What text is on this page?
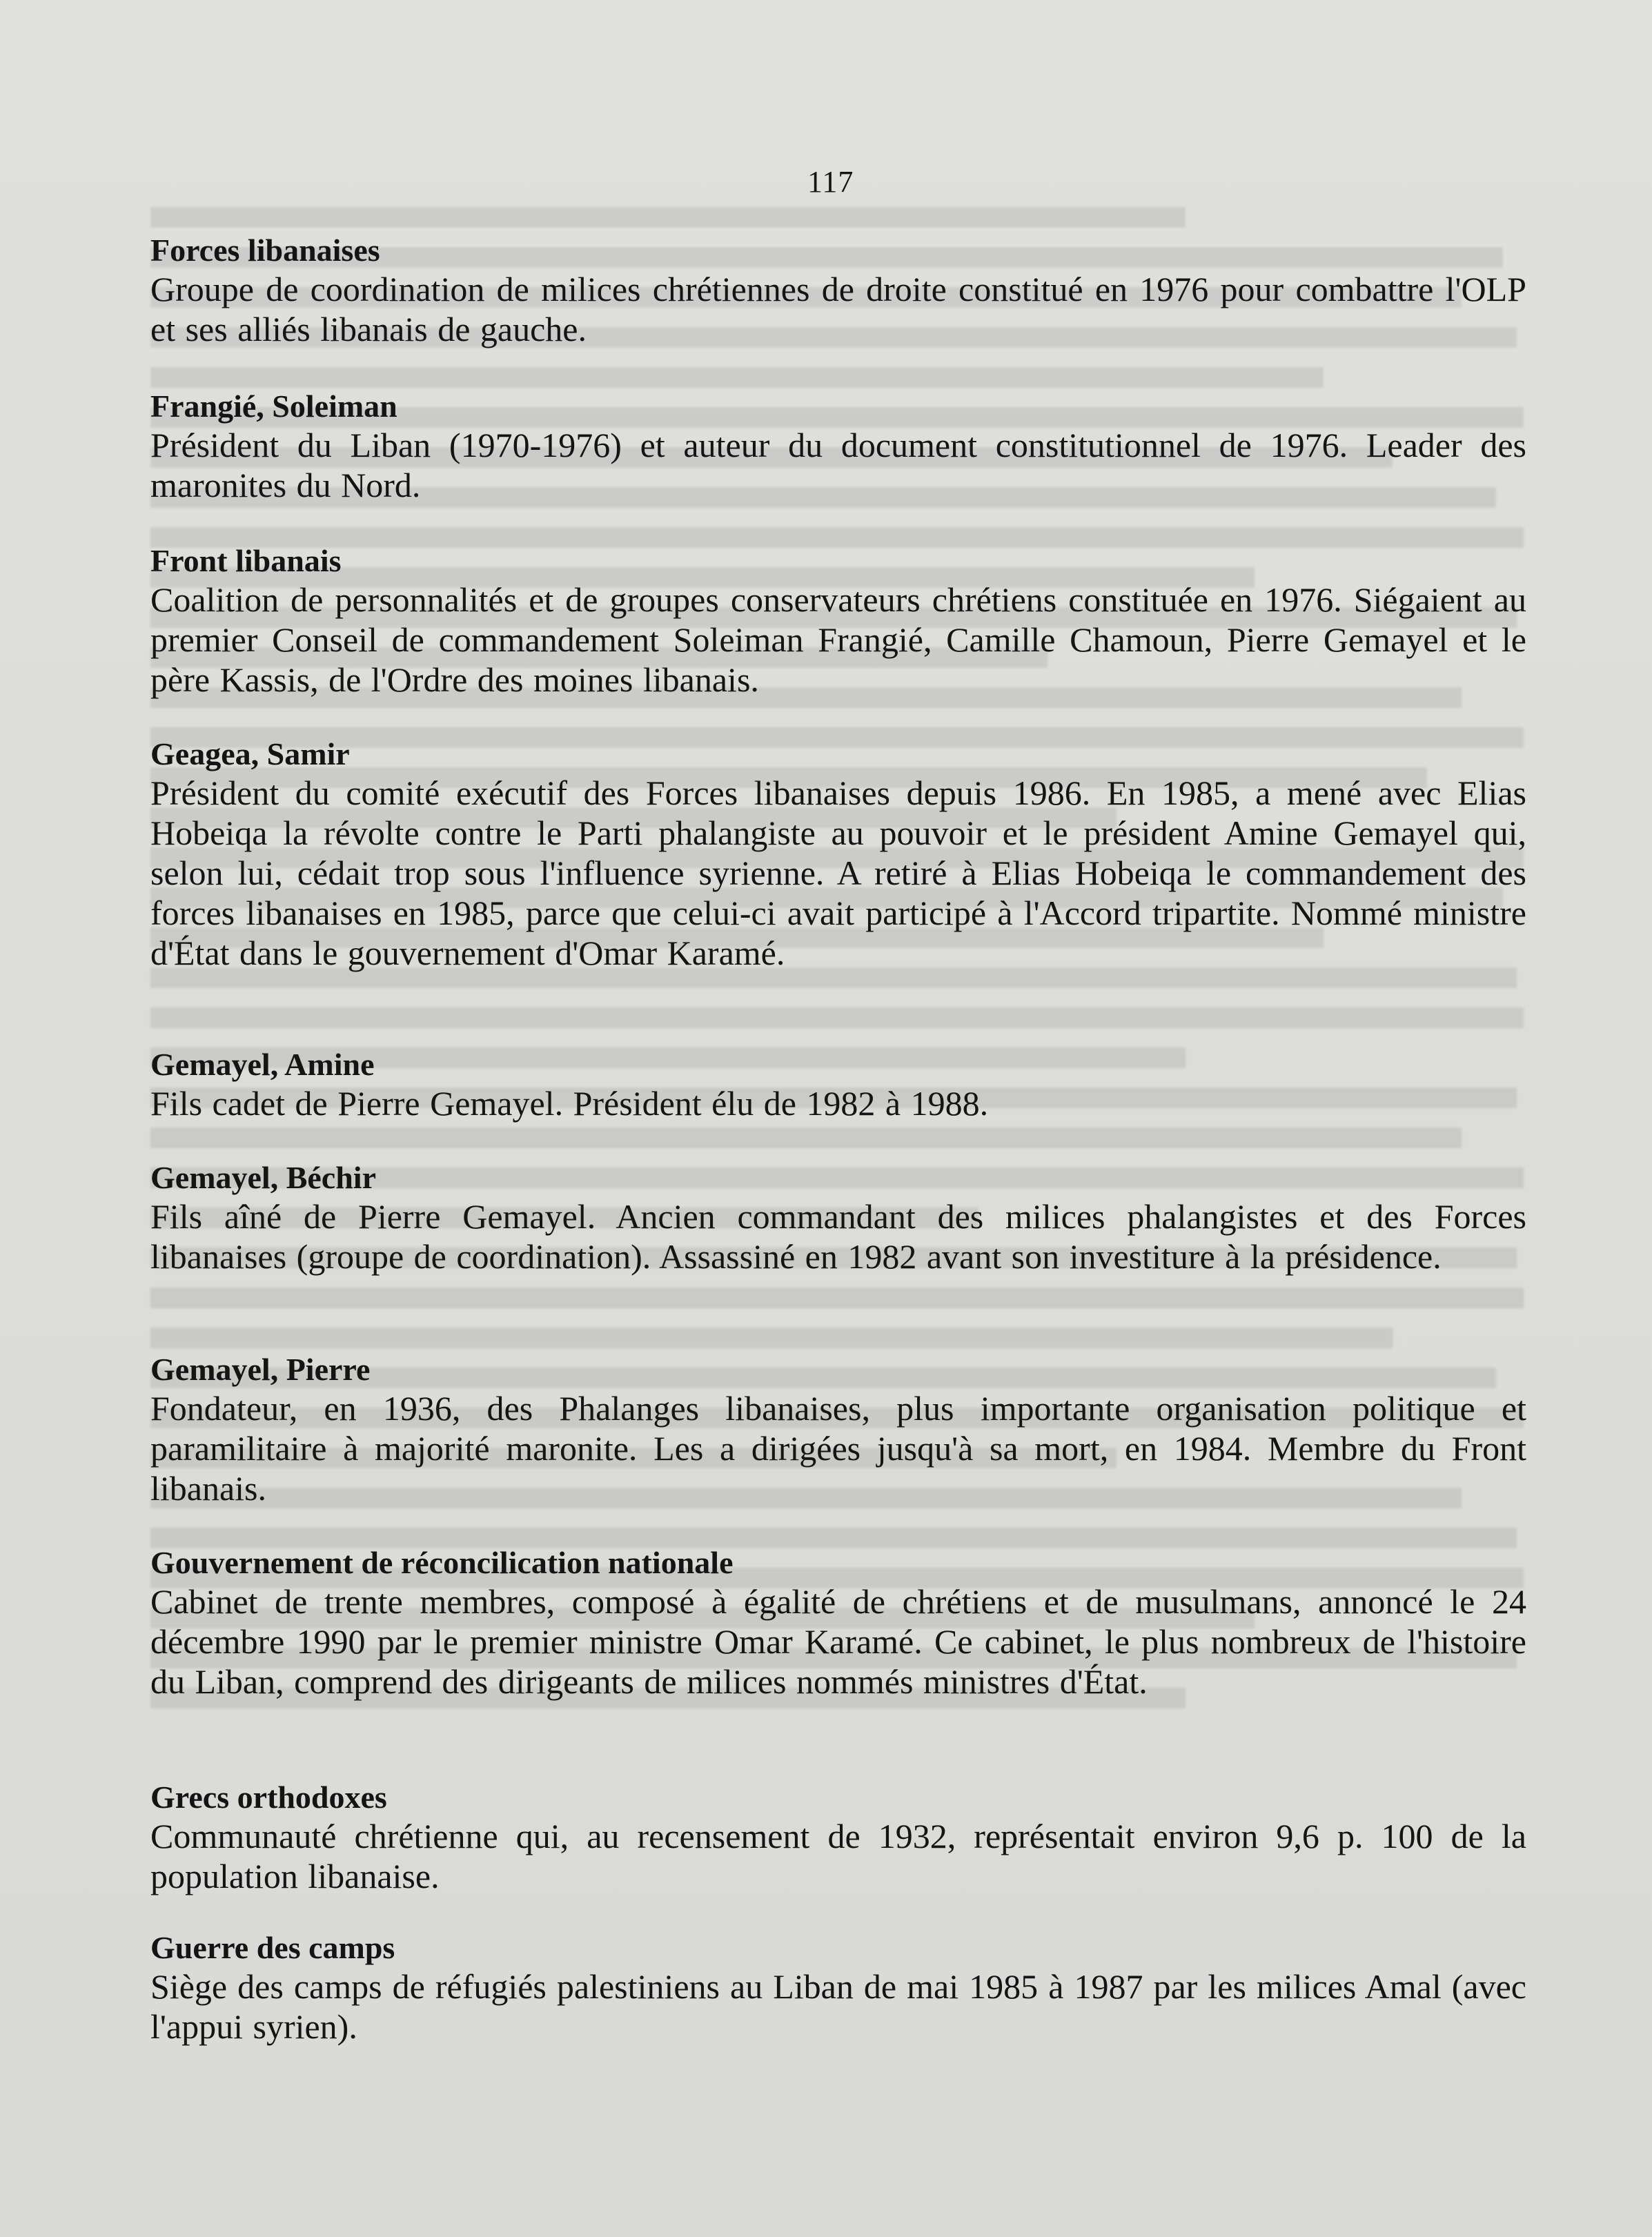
117

Forces libanaises

Groupe de coordination de milices chrétiennes de droite constitué en 1976 pour combattre l'OLP et ses alliés libanais de gauche.

Frangié, Soleiman

Président du Liban (1970-1976) et auteur du document constitutionnel de 1976. Leader des maronites du Nord.

Front libanais

Coalition de personnalités et de groupes conservateurs chrétiens constituée en 1976. Siégaient au premier Conseil de commandement Soleiman Frangié, Camille Chamoun, Pierre Gemayel et le père Kassis, de l'Ordre des moines libanais.

Geagea, Samir

Président du comité exécutif des Forces libanaises depuis 1986. En 1985, a mené avec Elias Hobeiqa la révolte contre le Parti phalangiste au pouvoir et le président Amine Gemayel qui, selon lui, cédait trop sous l'influence syrienne. A retiré à Elias Hobeiqa le commandement des forces libanaises en 1985, parce que celui-ci avait participé à l'Accord tripartite. Nommé ministre d'État dans le gouvernement d'Omar Karamé.

Gemayel, Amine

Fils cadet de Pierre Gemayel. Président élu de 1982 à 1988.

Gemayel, Béchir

Fils aîné de Pierre Gemayel. Ancien commandant des milices phalangistes et des Forces libanaises (groupe de coordination). Assassiné en 1982 avant son investiture à la présidence.

Gemayel, Pierre

Fondateur, en 1936, des Phalanges libanaises, plus importante organisation politique et paramilitaire à majorité maronite. Les a dirigées jusqu'à sa mort, en 1984. Membre du Front libanais.

Gouvernement de réconcilication nationale

Cabinet de trente membres, composé à égalité de chrétiens et de musulmans, annoncé le 24 décembre 1990 par le premier ministre Omar Karamé. Ce cabinet, le plus nombreux de l'histoire du Liban, comprend des dirigeants de milices nommés ministres d'État.

Grecs orthodoxes

Communauté chrétienne qui, au recensement de 1932, représentait environ 9,6 p. 100 de la population libanaise.

Guerre des camps

Siège des camps de réfugiés palestiniens au Liban de mai 1985 à 1987 par les milices Amal (avec l'appui syrien).
